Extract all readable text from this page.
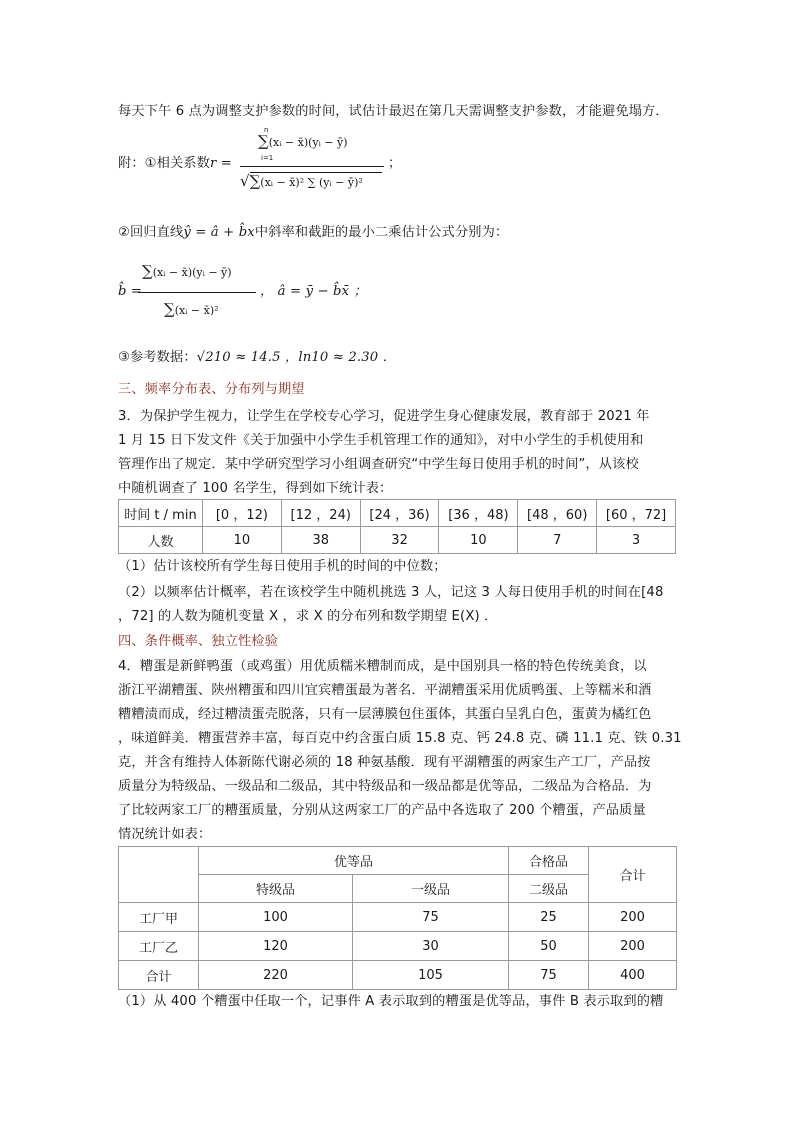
每天下午 6 点为调整支护参数的时间，试估计最迟在第几天需调整支护参数，才能避免塌方．
附：①相关系数r =
∑(xᵢ − x̄)(yᵢ − ȳ)
n
i=1
√∑(xᵢ − x̄)² ∑ (yᵢ − ȳ)²
；
②回归直线ŷ = â + b̂x中斜率和截距的最小二乘估计公式分别为：
b̂ =
∑(xᵢ − x̄)(yᵢ − ȳ)
∑(xᵢ − x̄)²
， â = ȳ − b̂x̄ ；
③参考数据：√210 ≈ 14.5 ，ln10 ≈ 2.30 ．
三、频率分布表、分布列与期望
3．为保护学生视力，让学生在学校专心学习，促进学生身心健康发展，教育部于 2021 年
1 月 15 日下发文件《关于加强中小学生手机管理工作的通知》，对中小学生的手机使用和
管理作出了规定．某中学研究型学习小组调查研究“中学生每日使用手机的时间”，从该校
中随机调查了 100 名学生，得到如下统计表：
时间 t / min	[0 ，12)	[12 ，24)	[24 ，36)	[36 ，48)	[48 ，60)	[60 ，72]
人数	10	38	32	10	7	3
（1）估计该校所有学生每日使用手机的时间的中位数；
（2）以频率估计概率，若在该校学生中随机挑选 3 人，记这 3 人每日使用手机的时间在[48
，72] 的人数为随机变量 X ，求 X 的分布列和数学期望 E(X) ．
四、条件概率、独立性检验
4．糟蛋是新鲜鸭蛋（或鸡蛋）用优质糯米糟制而成，是中国别具一格的特色传统美食，以
浙江平湖糟蛋、陕州糟蛋和四川宜宾糟蛋最为著名．平湖糟蛋采用优质鸭蛋、上等糯米和酒
糟糟渍而成，经过糟渍蛋壳脱落，只有一层薄膜包住蛋体，其蛋白呈乳白色，蛋黄为橘红色
，味道鲜美．糟蛋营养丰富，每百克中约含蛋白质 15.8 克、钙 24.8 克、磷 11.1 克、铁 0.31
克，并含有维持人体新陈代谢必须的 18 种氨基酸．现有平湖糟蛋的两家生产工厂，产品按
质量分为特级品、一级品和二级品，其中特级品和一级品都是优等品，二级品为合格品．为
了比较两家工厂的糟蛋质量，分别从这两家工厂的产品中各选取了 200 个糟蛋，产品质量
情况统计如表：
	优等品		合格品	合计
	特级品	一级品	二级品	
工厂甲	100	75	25	200
工厂乙	120	30	50	200
合计	220	105	75	400
（1）从 400 个糟蛋中任取一个，记事件 A 表示取到的糟蛋是优等品，事件 B 表示取到的糟
